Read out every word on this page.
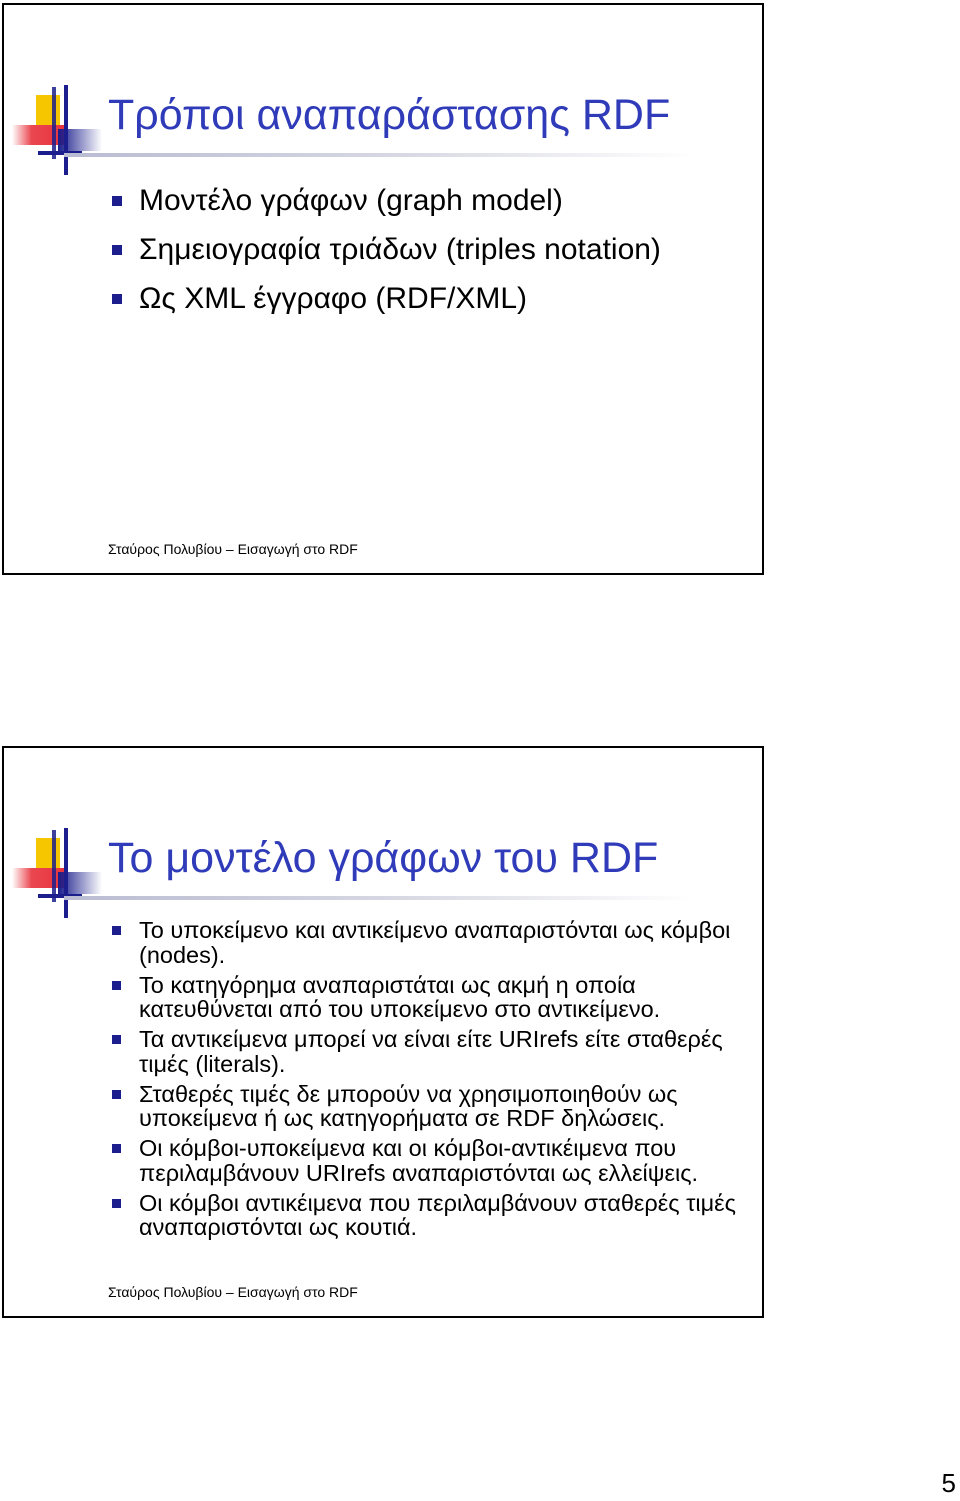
Τρόποι αναπαράστασης RDF
Μοντέλο γράφων (graph model)
Σημειογραφία τριάδων (triples notation)
Ως XML έγγραφο (RDF/XML)
Σταύρος Πολυβίου – Εισαγωγή στο RDF
Το μοντέλο γράφων του RDF
Το υποκείμενο και αντικείμενο αναπαριστόνται ως κόμβοι (nodes).
Το κατηγόρημα αναπαριστάται ως ακμή η οποία κατευθύνεται από του υποκείμενο στο αντικείμενο.
Τα αντικείμενα μπορεί να είναι είτε URIrefs είτε σταθερές τιμές (literals).
Σταθερές τιμές δε μπορούν να χρησιμοποιηθούν ως υποκείμενα ή ως κατηγορήματα σε RDF δηλώσεις.
Οι κόμβοι-υποκείμενα και οι κόμβοι-αντικέιμενα που περιλαμβάνουν URIrefs αναπαριστόνται ως ελλείψεις.
Οι κόμβοι αντικέιμενα που περιλαμβάνουν σταθερές τιμές αναπαριστόνται ως κουτιά.
Σταύρος Πολυβίου – Εισαγωγή στο RDF
5
